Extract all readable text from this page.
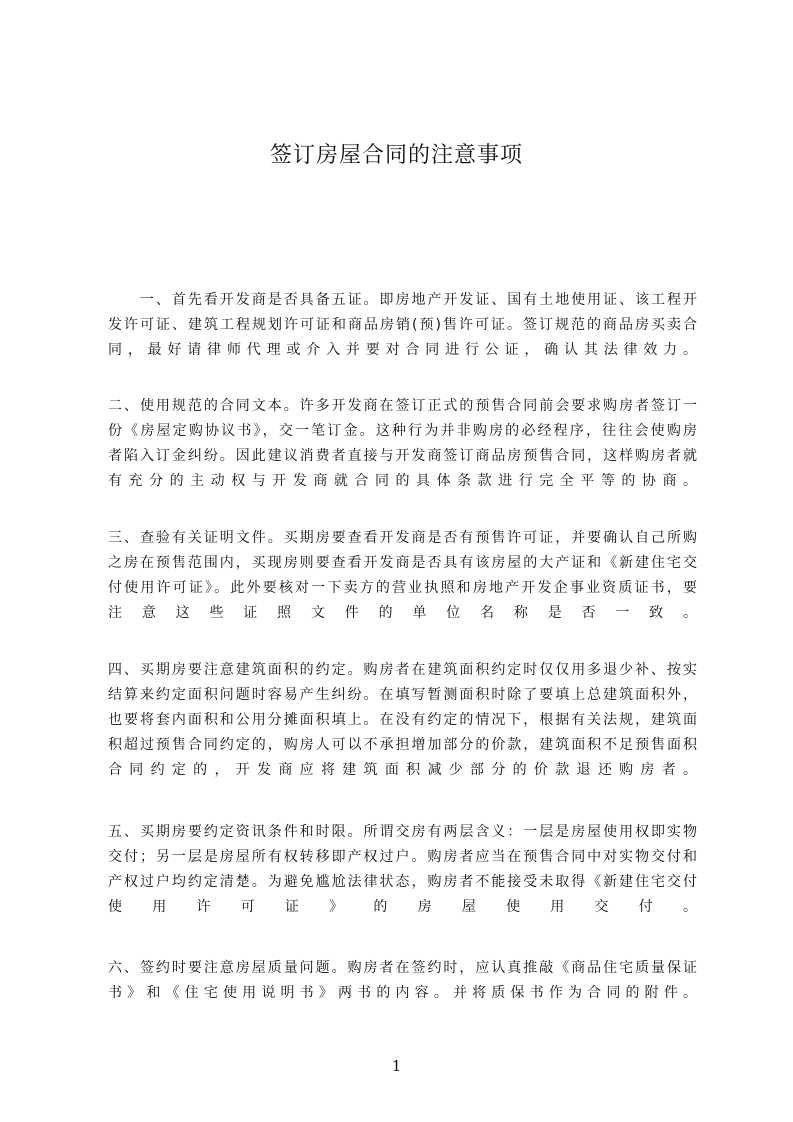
签订房屋合同的注意事项
　　一、首先看开发商是否具备五证。即房地产开发证、国有土地使用证、该工程开
发许可证、建筑工程规划许可证和商品房销(预)售许可证。签订规范的商品房买卖合
同，最好请律师代理或介入并要对合同进行公证，确认其法律效力。
二、使用规范的合同文本。许多开发商在签订正式的预售合同前会要求购房者签订一
份《房屋定购协议书》，交一笔订金。这种行为并非购房的必经程序，往往会使购房
者陷入订金纠纷。因此建议消费者直接与开发商签订商品房预售合同，这样购房者就
有充分的主动权与开发商就合同的具体条款进行完全平等的协商。
三、查验有关证明文件。买期房要查看开发商是否有预售许可证，并要确认自己所购
之房在预售范围内，买现房则要查看开发商是否具有该房屋的大产证和《新建住宅交
付使用许可证》。此外要核对一下卖方的营业执照和房地产开发企事业资质证书，要
注意这些证照文件的单位名称是否一致。
四、买期房要注意建筑面积的约定。购房者在建筑面积约定时仅仅用多退少补、按实
结算来约定面积问题时容易产生纠纷。在填写暂测面积时除了要填上总建筑面积外，
也要将套内面积和公用分摊面积填上。在没有约定的情况下，根据有关法规，建筑面
积超过预售合同约定的，购房人可以不承担增加部分的价款，建筑面积不足预售面积
合同约定的，开发商应将建筑面积减少部分的价款退还购房者。
五、买期房要约定资讯条件和时限。所谓交房有两层含义：一层是房屋使用权即实物
交付；另一层是房屋所有权转移即产权过户。购房者应当在预售合同中对实物交付和
产权过户均约定清楚。为避免尴尬法律状态，购房者不能接受未取得《新建住宅交付
使用许可证》的房屋使用交付。
六、签约时要注意房屋质量问题。购房者在签约时，应认真推敲《商品住宅质量保证
书》和《住宅使用说明书》两书的内容。并将质保书作为合同的附件。
1
